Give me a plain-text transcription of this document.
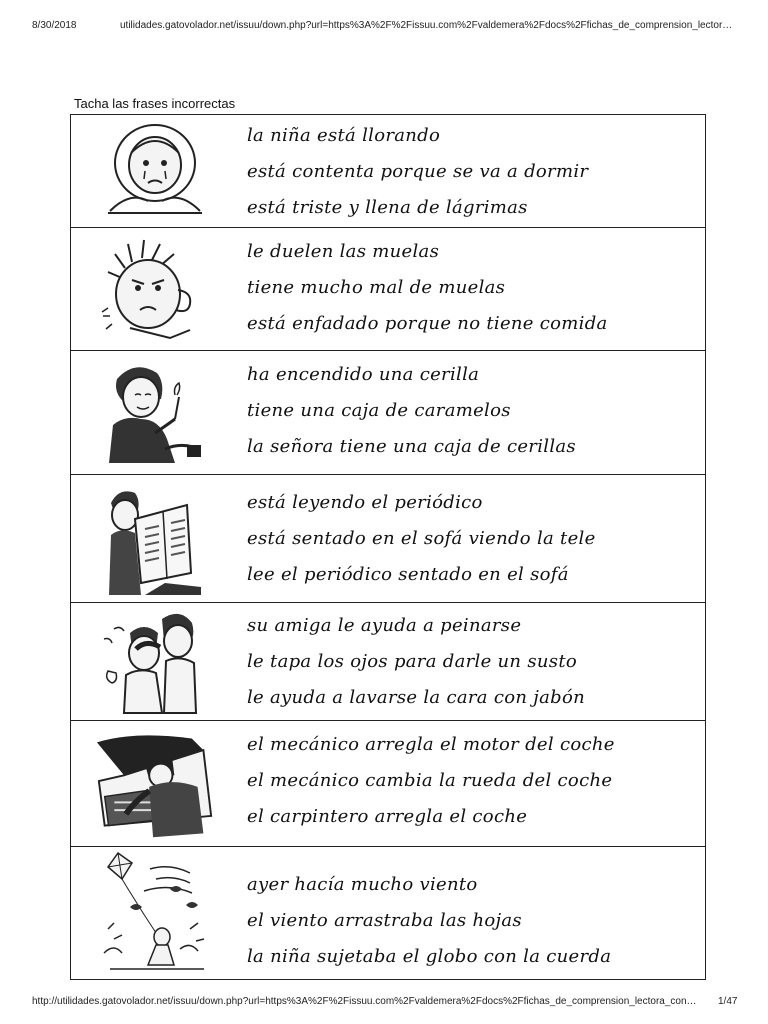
8/30/2018	utilidades.gatovolador.net/issuu/down.php?url=https%3A%2F%2Fissuu.com%2Fvaldemera%2Fdocs%2Ffichas_de_comprension_lector…
Tacha las frases incorrectas
la niña está llorando
está contenta porque se va a dormir
está triste y llena de lágrimas
le duelen las muelas
tiene mucho mal de muelas
está enfadado porque no tiene comida
ha encendido una cerilla
tiene una caja de caramelos
la señora tiene una caja de cerillas
está leyendo el periódico
está sentado en el sofá viendo la tele
lee el periódico sentado en el sofá
su amiga le ayuda a peinarse
le tapa los ojos para darle un susto
le ayuda a lavarse la cara con jabón
el mecánico arregla el motor del coche
el mecánico cambia la rueda del coche
el carpintero arregla el coche
ayer hacía mucho viento
el viento arrastraba las hojas
la niña sujetaba el globo con la cuerda
http://utilidades.gatovolador.net/issuu/down.php?url=https%3A%2F%2Fissuu.com%2Fvaldemera%2Fdocs%2Ffichas_de_comprension_lectora_con… 1/47
